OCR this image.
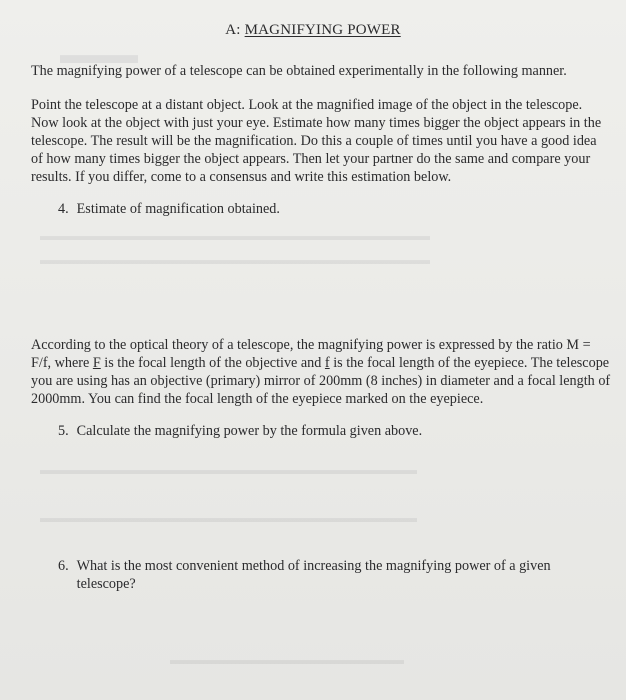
▬▬▬
▬▬▬▬▬▬▬▬▬▬▬▬▬▬▬▬▬▬▬▬▬▬▬▬▬▬▬▬▬▬
▬▬▬▬▬▬▬▬▬▬▬▬▬▬▬▬▬▬▬▬▬▬▬▬▬▬▬▬▬▬
▬▬▬▬▬▬▬▬▬▬▬▬▬▬▬▬▬▬▬▬▬▬▬▬▬▬▬▬▬
▬▬▬▬▬▬▬▬▬▬▬▬▬▬▬▬▬▬▬▬▬▬▬▬▬▬▬▬▬
▬▬▬▬▬▬▬▬▬▬▬▬▬▬▬▬▬▬
A: MAGNIFYING POWER

The magnifying power of a telescope can be obtained experimentally in the following manner.

Point the telescope at a distant object. Look at the magnified image of the object in the telescope. Now look at the object with just your eye. Estimate how many times bigger the object appears in the telescope. The result will be the magnification. Do this a couple of times until you have a good idea of how many times bigger the object appears. Then let your partner do the same and compare your results. If you differ, come to a consensus and write this estimation below.

4. Estimate of magnification obtained.

According to the optical theory of a telescope, the magnifying power is expressed by the ratio M = F/f, where F is the focal length of the objective and f is the focal length of the eyepiece. The telescope you are using has an objective (primary) mirror of 200mm (8 inches) in diameter and a focal length of 2000mm. You can find the focal length of the eyepiece marked on the eyepiece.

5. Calculate the magnifying power by the formula given above.
6. What is the most convenient method of increasing the magnifying power of a given telescope?
